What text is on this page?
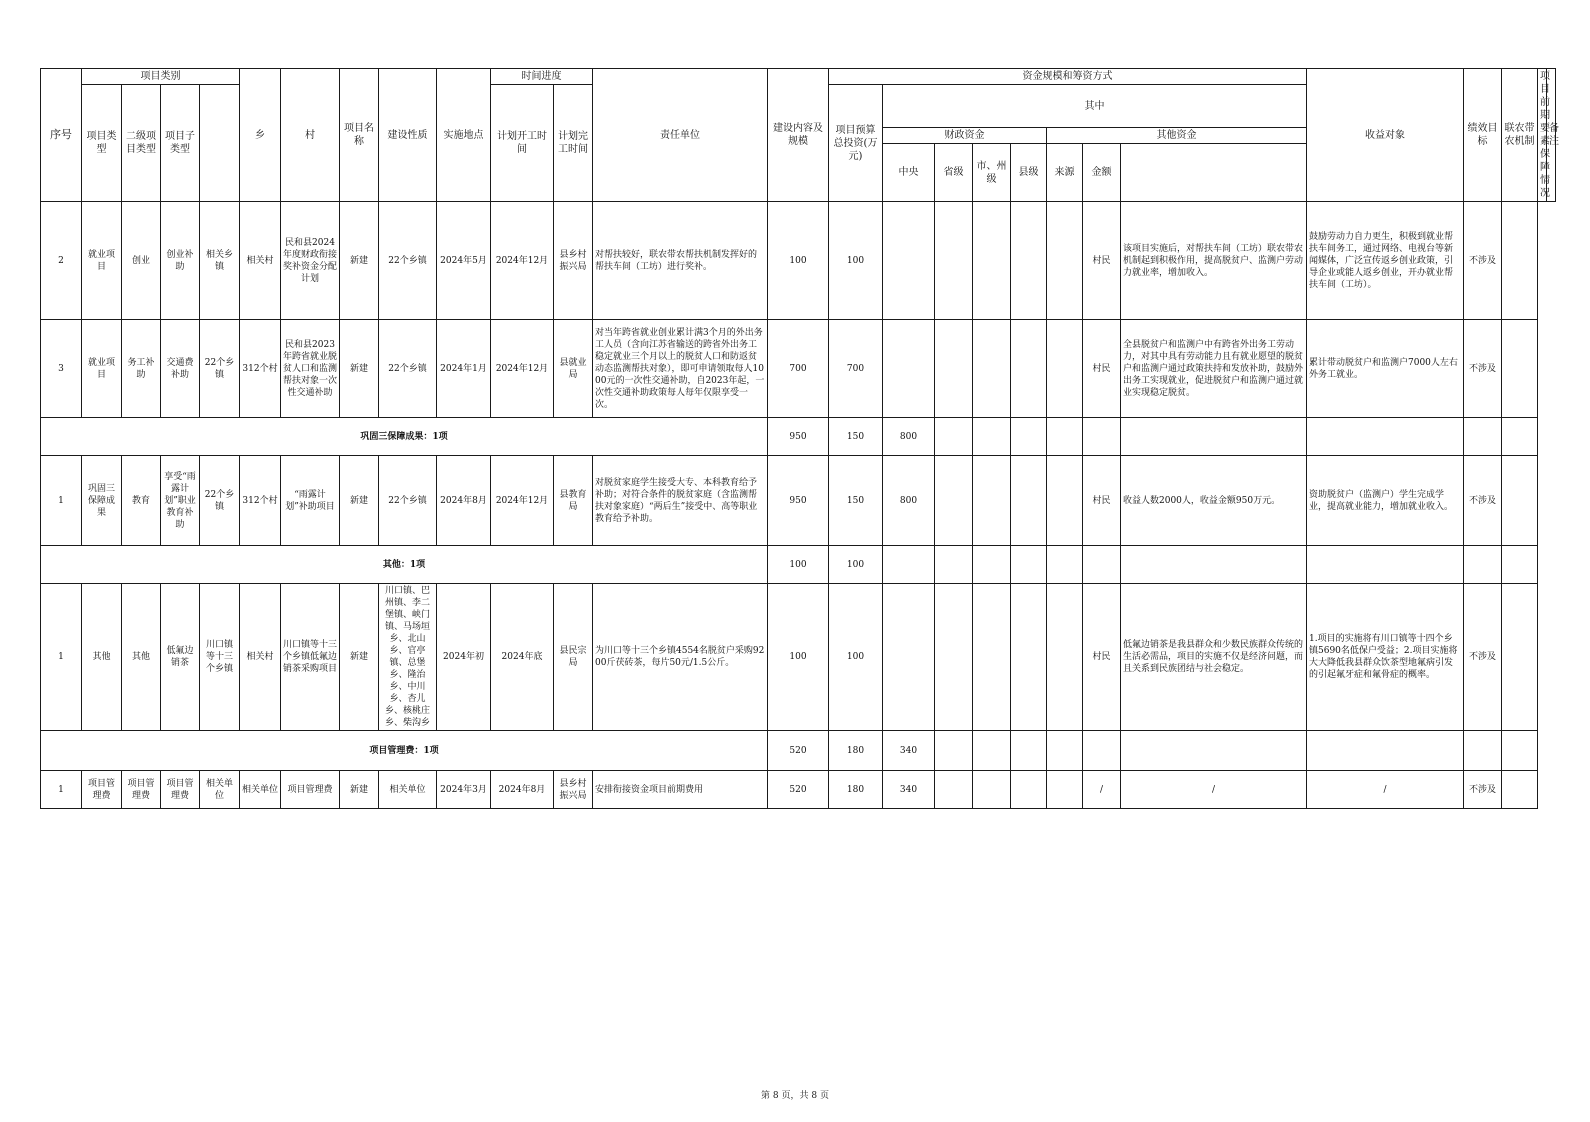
序号	项目类别				乡	村	项目名称	建设性质	实施地点	时间进度		责任单位	建设内容及规模	资金规模和筹资方式								收益对象	绩效目标	联农带农机制	项目前期要素保障情况	备注
	项目类型	二级项目类型	项目子类型							计划开工时间	计划完工时间			项目预算总投资(万元)	其中											
															财政资金				其他资金							
															中央	省级	市、州级	县级	来源	金额						
2	就业项目	创业	创业补助	相关乡镇	相关村	民和县2024年度财政衔接奖补资金分配计划	新建	22个乡镇	2024年5月	2024年12月	县乡村振兴局	对帮扶较好，联农带农帮扶机制发挥好的帮扶车间（工坊）进行奖补。	100	100						村民	该项目实施后，对帮扶车间（工坊）联农带农机制起到积极作用，提高脱贫户、监测户劳动力就业率，增加收入。	鼓励劳动力自力更生，积极到就业帮扶车间务工，通过网络、电视台等新闻媒体，广泛宣传返乡创业政策，引导企业或能人返乡创业，开办就业帮扶车间（工坊）。	不涉及			
3	就业项目	务工补助	交通费补助	22个乡镇	312个村	民和县2023年跨省就业脱贫人口和监测帮扶对象一次性交通补助	新建	22个乡镇	2024年1月	2024年12月	县就业局	对当年跨省就业创业累计满3个月的外出务工人员（含向江苏省输送的跨省外出务工稳定就业三个月以上的脱贫人口和防返贫动态监测帮扶对象），即可申请领取每人1000元的一次性交通补助，自2023年起，一次性交通补助政策每人每年仅限享受一次。	700	700						村民	全县脱贫户和监测户中有跨省外出务工劳动力，对其中具有劳动能力且有就业愿望的脱贫户和监测户通过政策扶持和发放补助，鼓励外出务工实现就业，促进脱贫户和监测户通过就业实现稳定脱贫。	累计带动脱贫户和监测户7000人左右外务工就业。	不涉及			
巩固三保障成果：1项													950	150	800											
1	巩固三保障成果	教育	享受“雨露计划”职业教育补助	22个乡镇	312个村	“雨露计划”补助项目	新建	22个乡镇	2024年8月	2024年12月	县教育局	对脱贫家庭学生接受大专、本科教育给予补助；对符合条件的脱贫家庭（含监测帮扶对象家庭）“两后生”接受中、高等职业教育给予补助。	950	150	800					村民	收益人数2000人，收益金额950万元。	资助脱贫户（监测户）学生完成学业，提高就业能力，增加就业收入。	不涉及			
其他：1项													100	100												
1	其他	其他	低氟边销茶	川口镇等十三个乡镇	相关村	川口镇等十三个乡镇低氟边销茶采购项目	新建	川口镇、巴州镇、李二堡镇、峡门镇、马场垣乡、北山乡、官亭镇、总堡乡、隆治乡、中川乡、杏儿乡、核桃庄乡、柴沟乡	2024年初	2024年底	县民宗局	为川口等十三个乡镇4554名脱贫户采购9200斤茯砖茶，每片50元/1.5公斤。	100	100						村民	低氟边销茶是我县群众和少数民族群众传统的生活必需品，项目的实施不仅是经济问题，而且关系到民族团结与社会稳定。	1.项目的实施将有川口镇等十四个乡镇5690名低保户受益；2.项目实施将大大降低我县群众饮茶型地氟病引发的引起氟牙症和氟骨症的概率。	不涉及			
项目管理费：1项													520	180	340											
1	项目管理费	项目管理费	项目管理费	相关单位	相关单位	项目管理费	新建	相关单位	2024年3月	2024年8月	县乡村振兴局	安排衔接资金项目前期费用	520	180	340					/	/	/	不涉及			
第 8 页，共 8 页
